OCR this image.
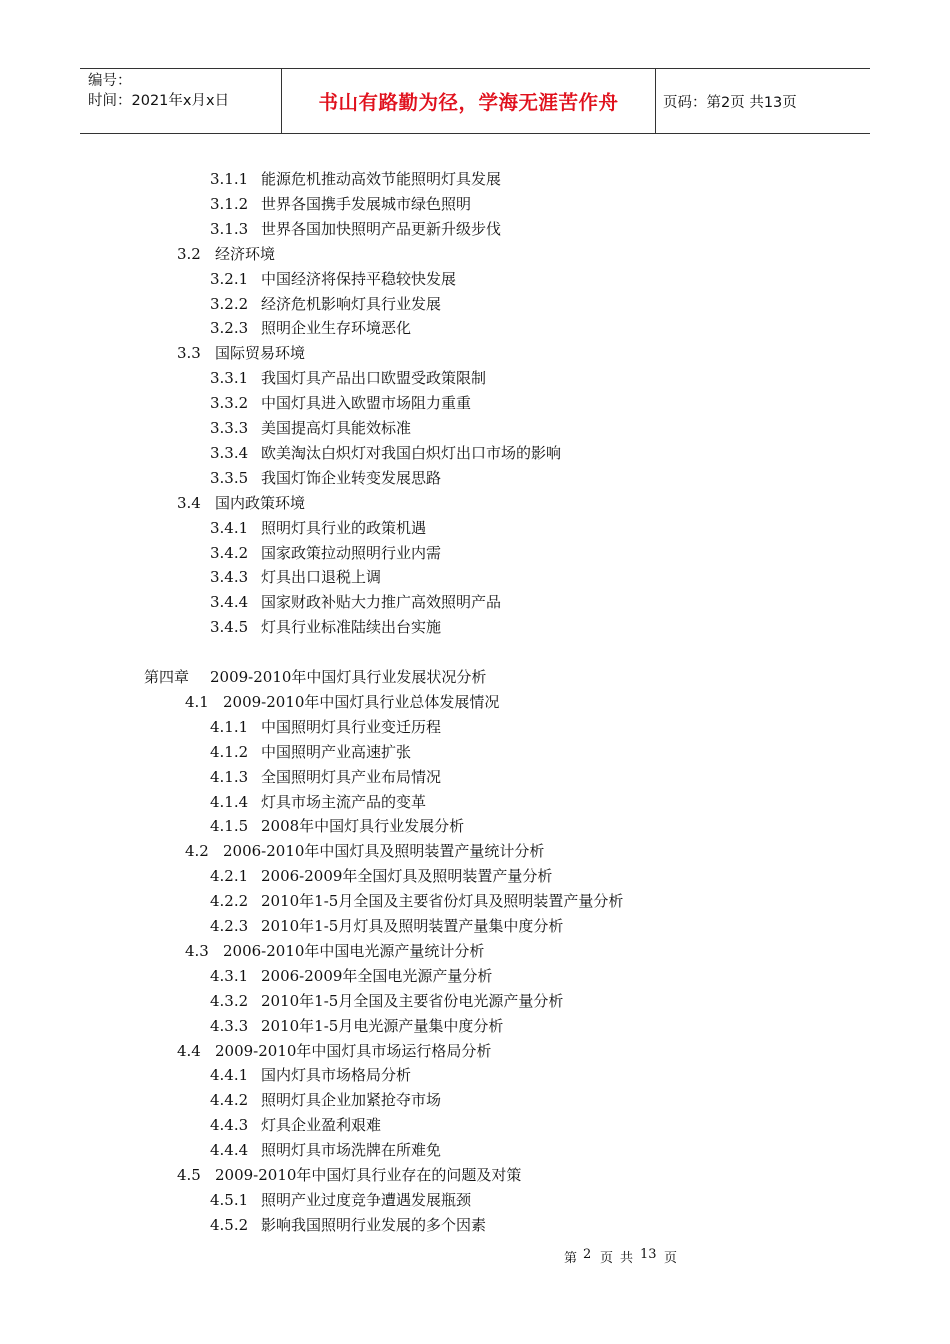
编号：
时间：2021年x月x日	书山有路勤为径，学海无涯苦作舟	页码：第2页 共13页
3.1.1 能源危机推动高效节能照明灯具发展
3.1.2 世界各国携手发展城市绿色照明
3.1.3 世界各国加快照明产品更新升级步伐
3.2 经济环境
3.2.1 中国经济将保持平稳较快发展
3.2.2 经济危机影响灯具行业发展
3.2.3 照明企业生存环境恶化
3.3 国际贸易环境
3.3.1 我国灯具产品出口欧盟受政策限制
3.3.2 中国灯具进入欧盟市场阻力重重
3.3.3 美国提高灯具能效标准
3.3.4 欧美淘汰白炽灯对我国白炽灯出口市场的影响
3.3.5 我国灯饰企业转变发展思路
3.4 国内政策环境
3.4.1 照明灯具行业的政策机遇
3.4.2 国家政策拉动照明行业内需
3.4.3 灯具出口退税上调
3.4.4 国家财政补贴大力推广高效照明产品
3.4.5 灯具行业标准陆续出台实施
第四章 2009-2010年中国灯具行业发展状况分析
4.1 2009-2010年中国灯具行业总体发展情况
4.1.1 中国照明灯具行业变迁历程
4.1.2 中国照明产业高速扩张
4.1.3 全国照明灯具产业布局情况
4.1.4 灯具市场主流产品的变革
4.1.5 2008年中国灯具行业发展分析
4.2 2006-2010年中国灯具及照明装置产量统计分析
4.2.1 2006-2009年全国灯具及照明装置产量分析
4.2.2 2010年1-5月全国及主要省份灯具及照明装置产量分析
4.2.3 2010年1-5月灯具及照明装置产量集中度分析
4.3 2006-2010年中国电光源产量统计分析
4.3.1 2006-2009年全国电光源产量分析
4.3.2 2010年1-5月全国及主要省份电光源产量分析
4.3.3 2010年1-5月电光源产量集中度分析
4.4 2009-2010年中国灯具市场运行格局分析
4.4.1 国内灯具市场格局分析
4.4.2 照明灯具企业加紧抢夺市场
4.4.3 灯具企业盈利艰难
4.4.4 照明灯具市场洗牌在所难免
4.5 2009-2010年中国灯具行业存在的问题及对策
4.5.1 照明产业过度竞争遭遇发展瓶颈
4.5.2 影响我国照明行业发展的多个因素
第 2 页 共 13 页
